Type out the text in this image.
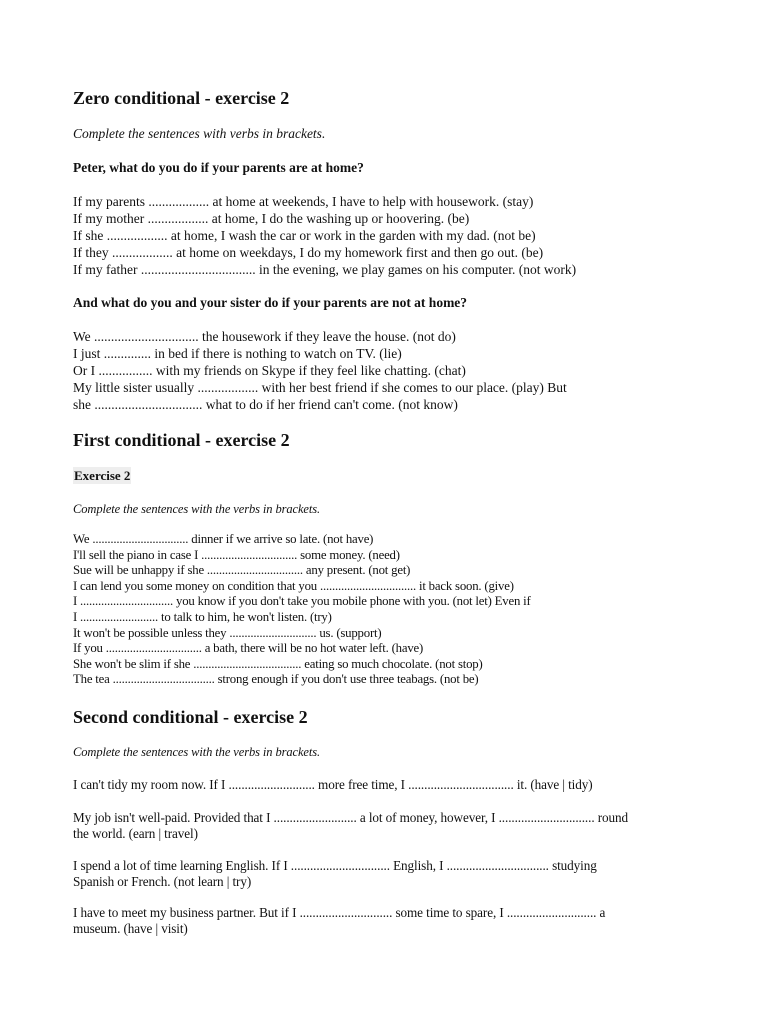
Zero conditional - exercise 2

Complete the sentences with verbs in brackets.

Peter, what do you do if your parents are at home?

If my parents .................. at home at weekends, I have to help with housework. (stay)
If my mother .................. at home, I do the washing up or hoovering. (be)
If she .................. at home, I wash the car or work in the garden with my dad. (not be)
If they .................. at home on weekdays, I do my homework first and then go out. (be)
If my father .................................. in the evening, we play games on his computer. (not work)

And what do you and your sister do if your parents are not at home?

We ............................... the housework if they leave the house. (not do)
I just .............. in bed if there is nothing to watch on TV. (lie)
Or I ................ with my friends on Skype if they feel like chatting. (chat)
My little sister usually .................. with her best friend if she comes to our place. (play) But
she ................................ what to do if her friend can't come. (not know)
First conditional - exercise 2
Exercise 2

Complete the sentences with the verbs in brackets.

We ................................ dinner if we arrive so late. (not have)
I'll sell the piano in case I ................................ some money. (need)
Sue will be unhappy if she ................................ any present. (not get)
I can lend you some money on condition that you ................................ it back soon. (give)
I ............................... you know if you don't take you mobile phone with you. (not let) Even if
I .......................... to talk to him, he won't listen. (try)
It won't be possible unless they ............................. us. (support)
If you ................................ a bath, there will be no hot water left. (have)
She won't be slim if she .................................... eating so much chocolate. (not stop)
The tea .................................. strong enough if you don't use three teabags. (not be)
Second conditional - exercise 2

Complete the sentences with the verbs in brackets.

I can't tidy my room now. If I ........................... more free time, I ................................. it. (have | tidy)
My job isn't well-paid. Provided that I .......................... a lot of money, however, I .............................. round
the world. (earn | travel)
I spend a lot of time learning English. If I ............................... English, I ................................ studying
Spanish or French. (not learn | try)
I have to meet my business partner. But if I ............................. some time to spare, I ............................ a
museum. (have | visit)
